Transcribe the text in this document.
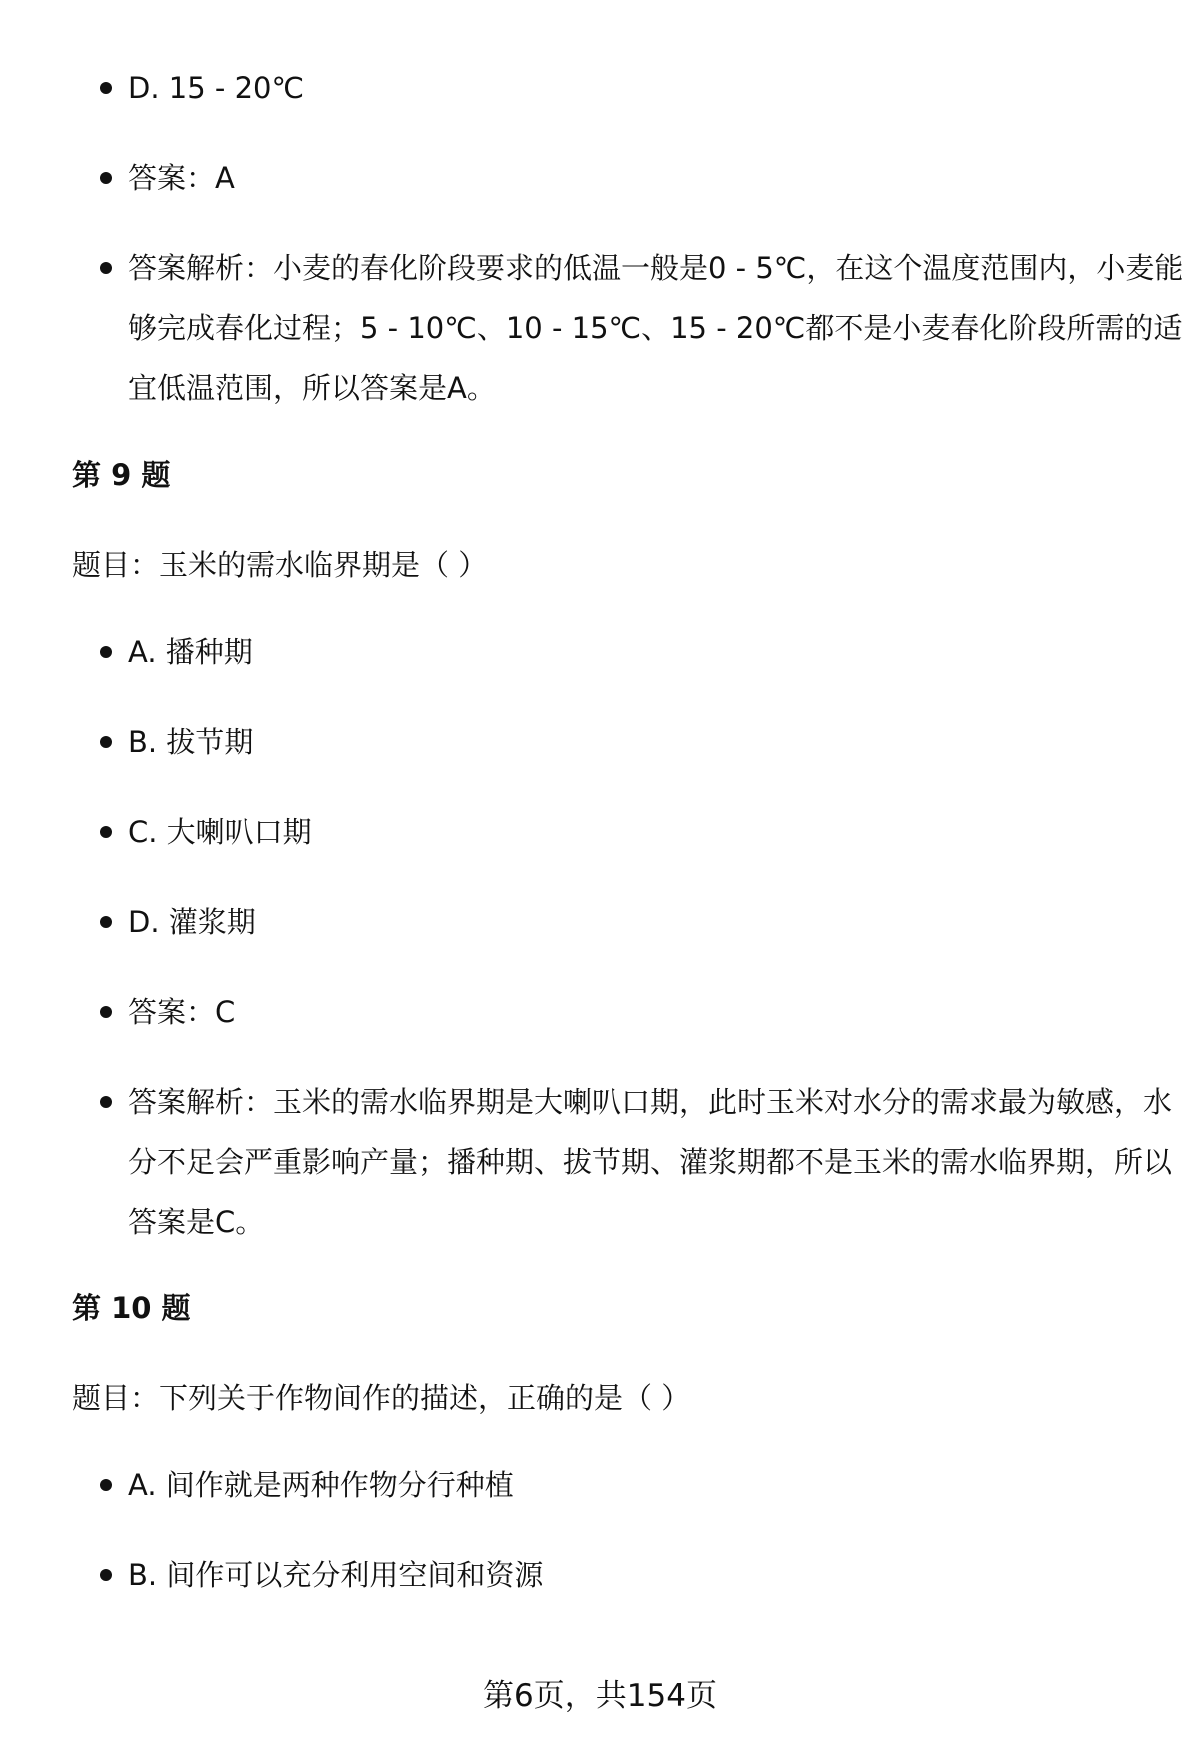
D. 15 - 20℃
答案：A
答案解析：小麦的春化阶段要求的低温一般是0 - 5℃，在这个温度范围内，小麦能够完成春化过程；5 - 10℃、10 - 15℃、15 - 20℃都不是小麦春化阶段所需的适宜低温范围，所以答案是A。
第 9 题
题目：玉米的需水临界期是（ ）
A. 播种期
B. 拔节期
C. 大喇叭口期
D. 灌浆期
答案：C
答案解析：玉米的需水临界期是大喇叭口期，此时玉米对水分的需求最为敏感，水分不足会严重影响产量；播种期、拔节期、灌浆期都不是玉米的需水临界期，所以答案是C。
第 10 题
题目：下列关于作物间作的描述，正确的是（ ）
A. 间作就是两种作物分行种植
B. 间作可以充分利用空间和资源
第6页，共154页
